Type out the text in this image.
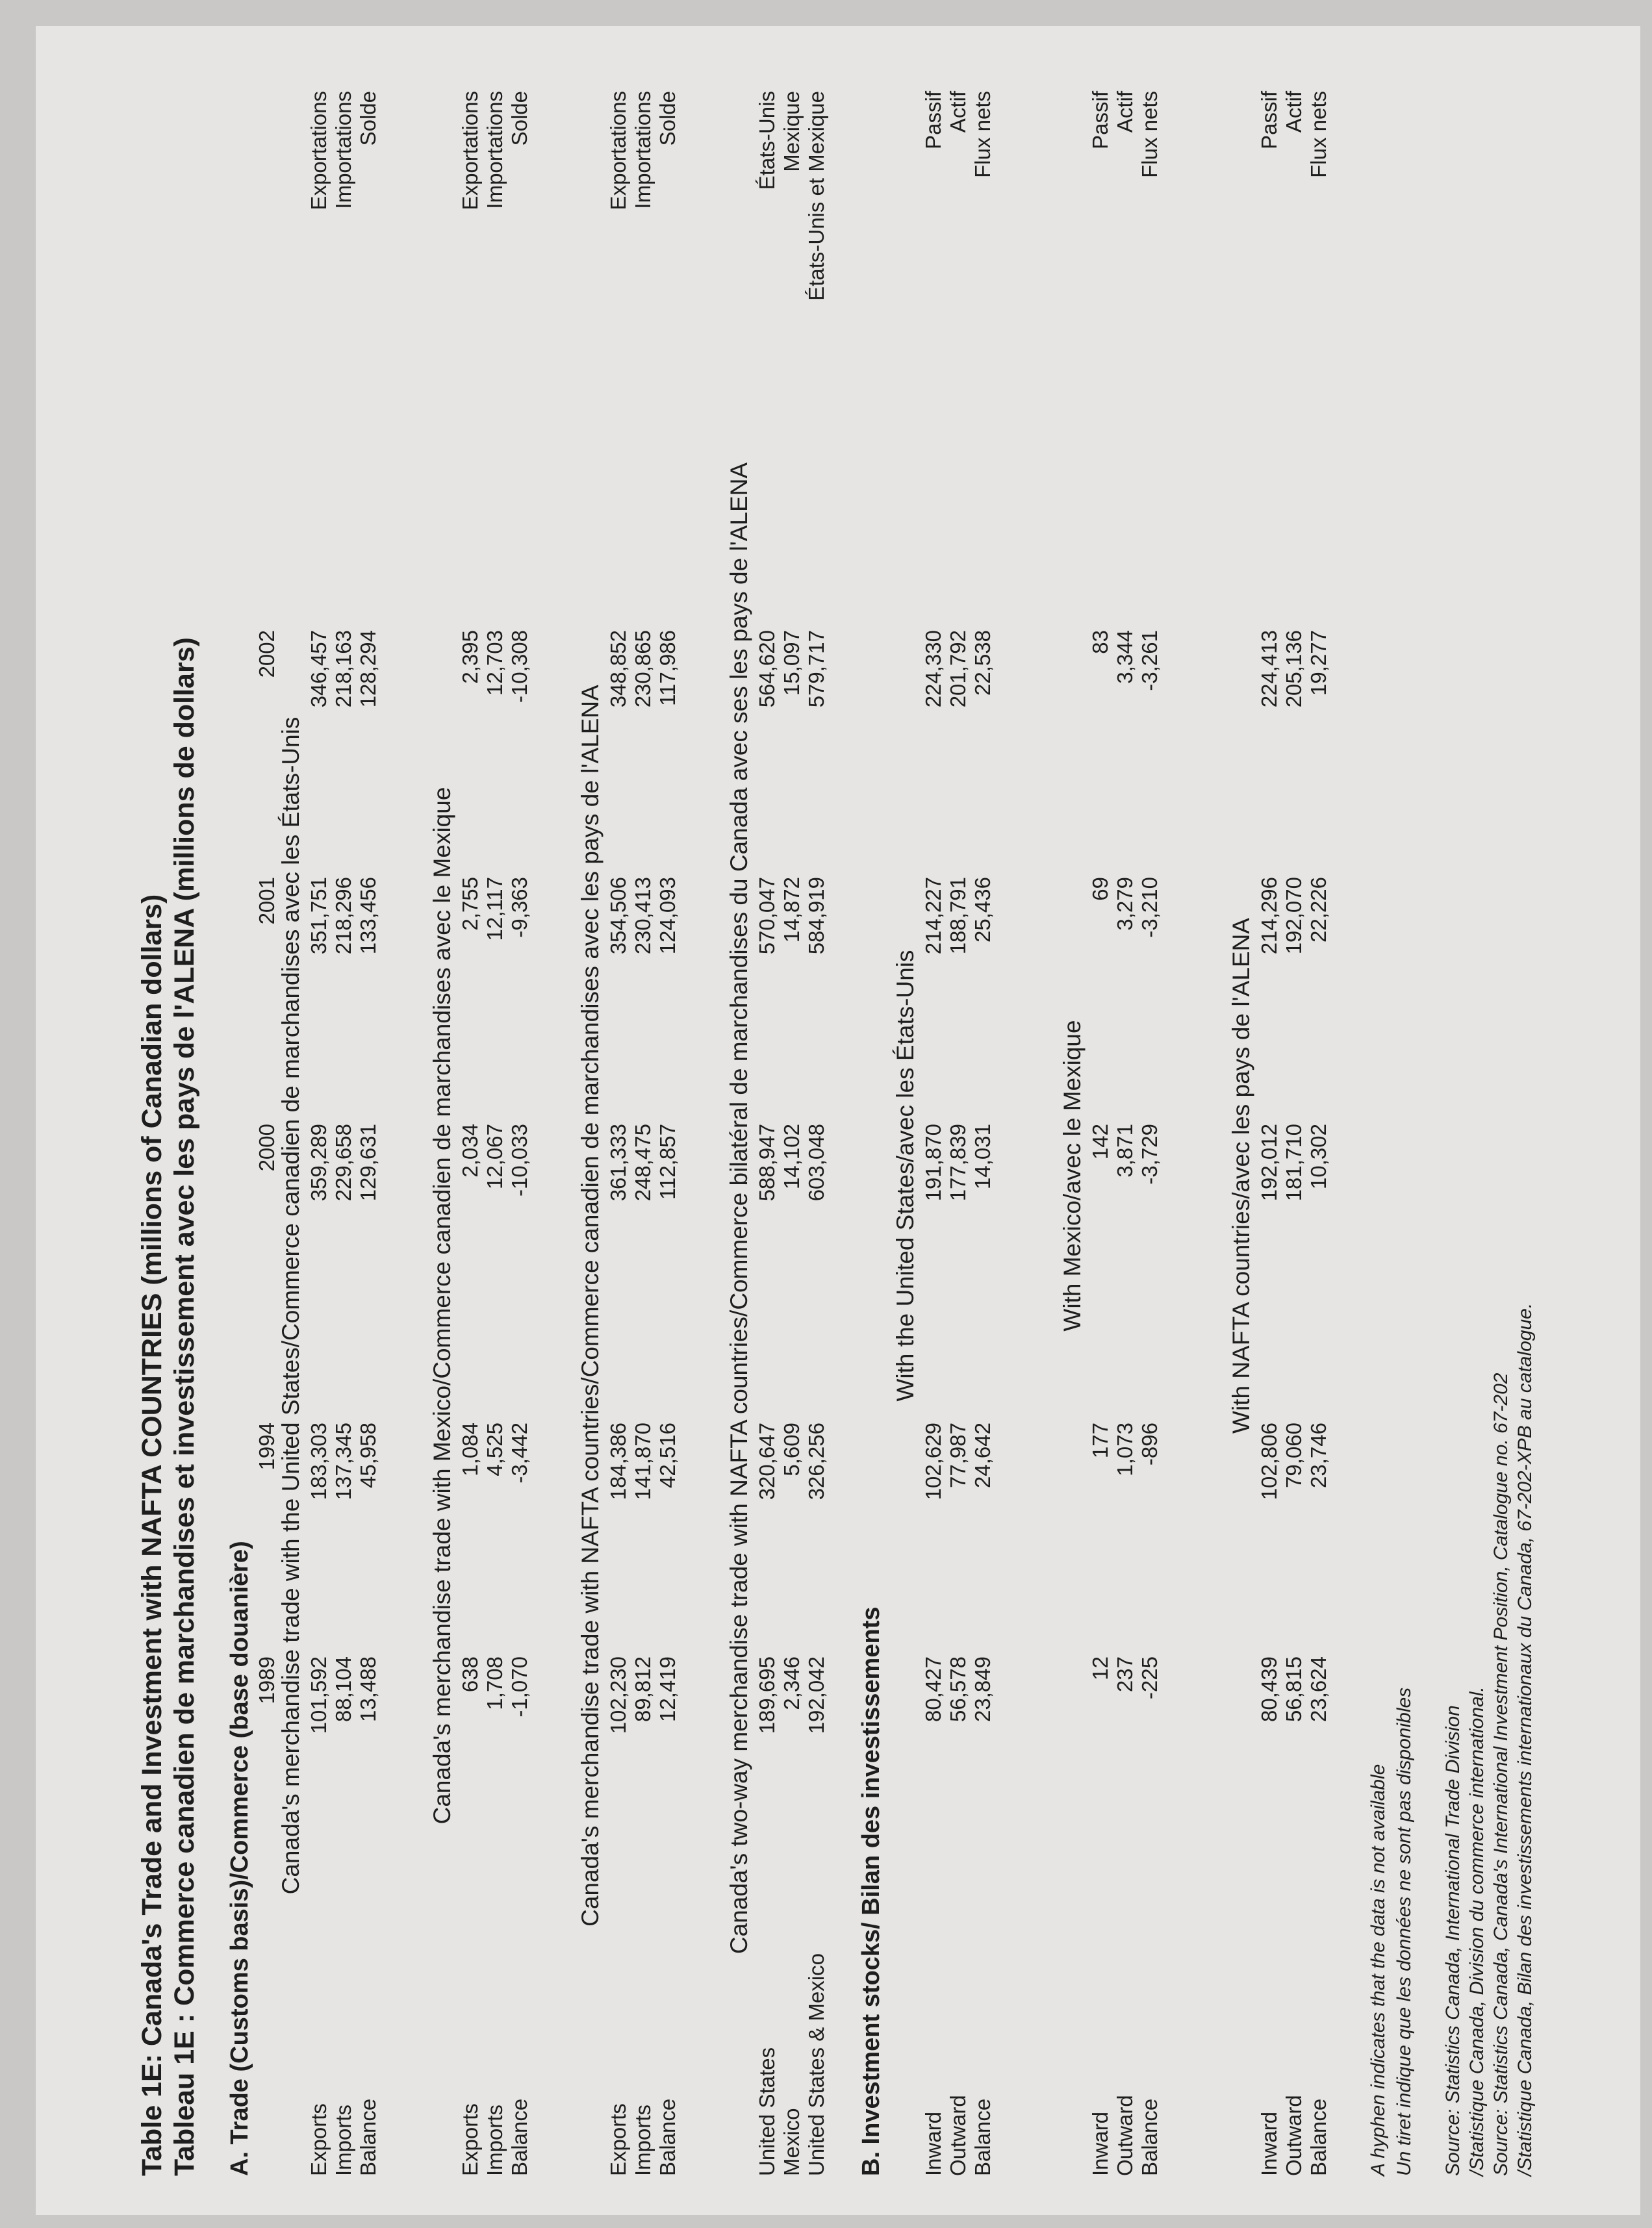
Table 1E: Canada's Trade and Investment with NAFTA COUNTRIES (millions of Canadian dollars) Tableau 1E : Commerce canadien de marchandises et investissement avec les pays de l'ALENA (millions de dollars) A. Trade (Customs basis)/Commerce (base douanière) 1989
1994
2000
2001
2002
Canada's merchandise trade with the United States/Commerce canadien de marchandises avec les États-Unis
Exports
101,592
183,303
359,289
351,751
346,457
Exportations
Imports
88,104
137,345
229,658
218,296
218,163
Importations
Balance
13,488
45,958
129,631
133,456
128,294
Solde
Canada's merchandise trade with Mexico/Commerce canadien de marchandises avec le Mexique
Exports
638
1,084
2,034
2,755
2,395
Exportations
Imports
1,708
4,525
12,067
12,117
12,703
Importations
Balance
-1,070
-3,442
-10,033
-9,363
-10,308
Solde
Canada's merchandise trade with NAFTA countries/Commerce canadien de marchandises avec les pays de l'ALENA
Exports
102,230
184,386
361,333
354,506
348,852
Exportations
Imports
89,812
141,870
248,475
230,413
230,865
Importations
Balance
12,419
42,516
112,857
124,093
117,986
Solde
Canada's two-way merchandise trade with NAFTA countries/Commerce bilatéral de marchandises du Canada avec ses les pays de l'ALENA
United States
189,695
320,647
588,947
570,047
564,620
États-Unis
Mexico
2,346
5,609
14,102
14,872
15,097
Mexique
United States & Mexico
192,042
326,256
603,048
584,919
579,717
États-Unis et Mexique
B. Investment stocks/ Bilan des investissements
With the United States/avec les États-Unis
Inward
80,427
102,629
191,870
214,227
224,330
Passif
Outward
56,578
77,987
177,839
188,791
201,792
Actif
Balance
23,849
24,642
14,031
25,436
22,538
Flux nets
With Mexico/avec le Mexique
Inward
12
177
142
69
83
Passif
Outward
237
1,073
3,871
3,279
3,344
Actif
Balance
-225
-896
-3,729
-3,210
-3,261
Flux nets
With NAFTA countries/avec les pays de l'ALENA
Inward
80,439
102,806
192,012
214,296
224,413
Passif
Outward
56,815
79,060
181,710
192,070
205,136
Actif
Balance
23,624
23,746
10,302
22,226
19,277
Flux nets
A hyphen indicates that the data is not available Un tiret indique que les données ne sont pas disponibles Source: Statistics Canada, International Trade Division /Statistique Canada, Division du commerce international. Source: Statistics Canada, Canada's International Investment Position, Catalogue no. 67-202 /Statistique Canada, Bilan des investissements internationaux du Canada, 67-202-XPB au catalogue.
